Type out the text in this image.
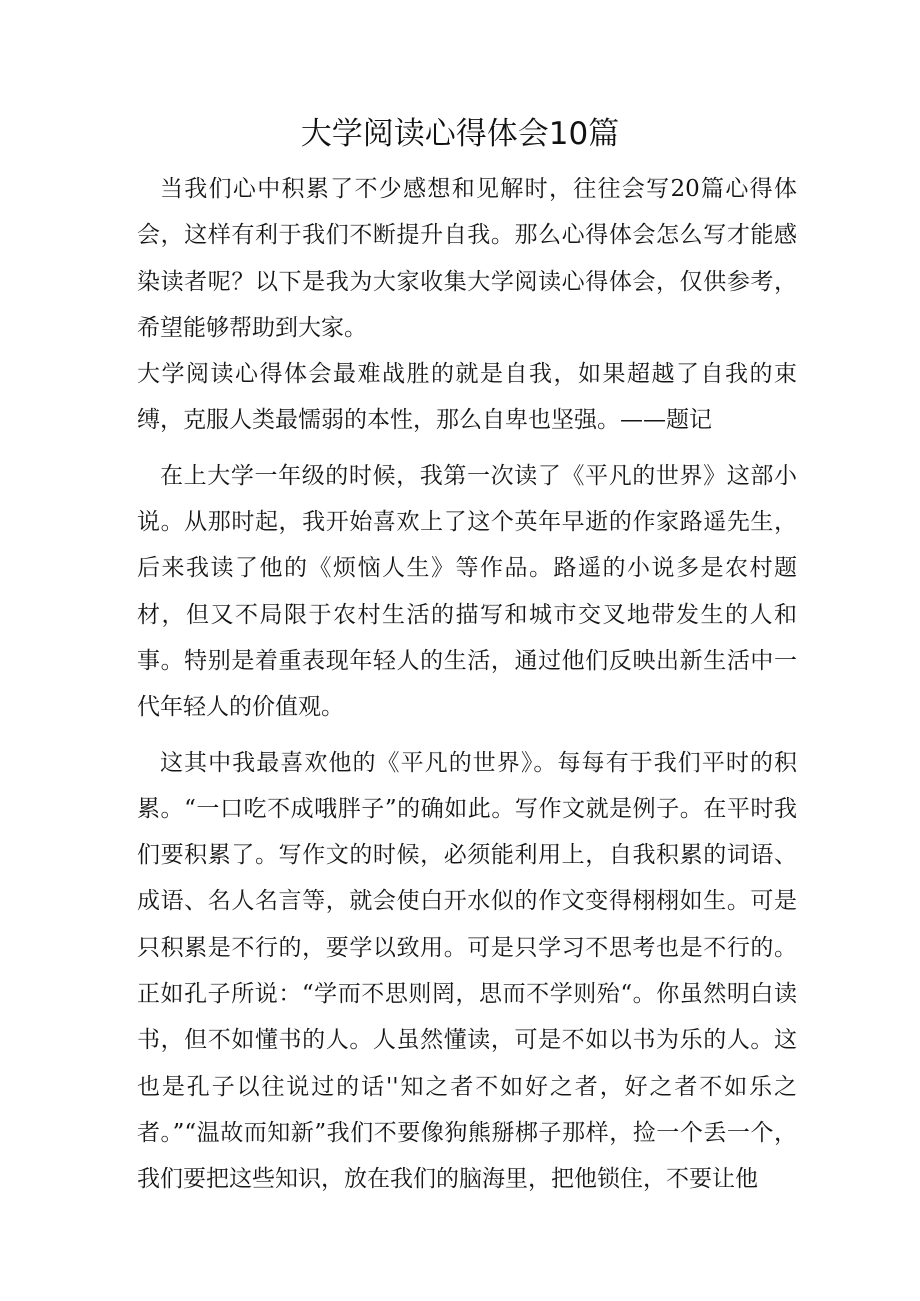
大学阅读心得体会10篇

当我们心中积累了不少感想和见解时，往往会写20篇心得体会，这样有利于我们不断提升自我。那么心得体会怎么写才能感染读者呢？以下是我为大家收集大学阅读心得体会，仅供参考，希望能够帮助到大家。

大学阅读心得体会最难战胜的就是自我，如果超越了自我的束缚，克服人类最懦弱的本性，那么自卑也坚强。——题记

在上大学一年级的时候，我第一次读了《平凡的世界》这部小说。从那时起，我开始喜欢上了这个英年早逝的作家路遥先生，后来我读了他的《烦恼人生》等作品。路遥的小说多是农村题材，但又不局限于农村生活的描写和城市交叉地带发生的人和事。特别是着重表现年轻人的生活，通过他们反映出新生活中一代年轻人的价值观。

这其中我最喜欢他的《平凡的世界》。每每有于我们平时的积累。“一口吃不成哦胖子”的确如此。写作文就是例子。在平时我们要积累了。写作文的时候，必须能利用上，自我积累的词语、成语、名人名言等，就会使白开水似的作文变得栩栩如生。可是只积累是不行的，要学以致用。可是只学习不思考也是不行的。正如孔子所说：“学而不思则罔，思而不学则殆“。你虽然明白读书，但不如懂书的人。人虽然懂读，可是不如以书为乐的人。这也是孔子以往说过的话''知之者不如好之者，好之者不如乐之者。”“温故而知新”我们不要像狗熊掰梆子那样，捡一个丢一个，我们要把这些知识，放在我们的脑海里，把他锁住，不要让他
